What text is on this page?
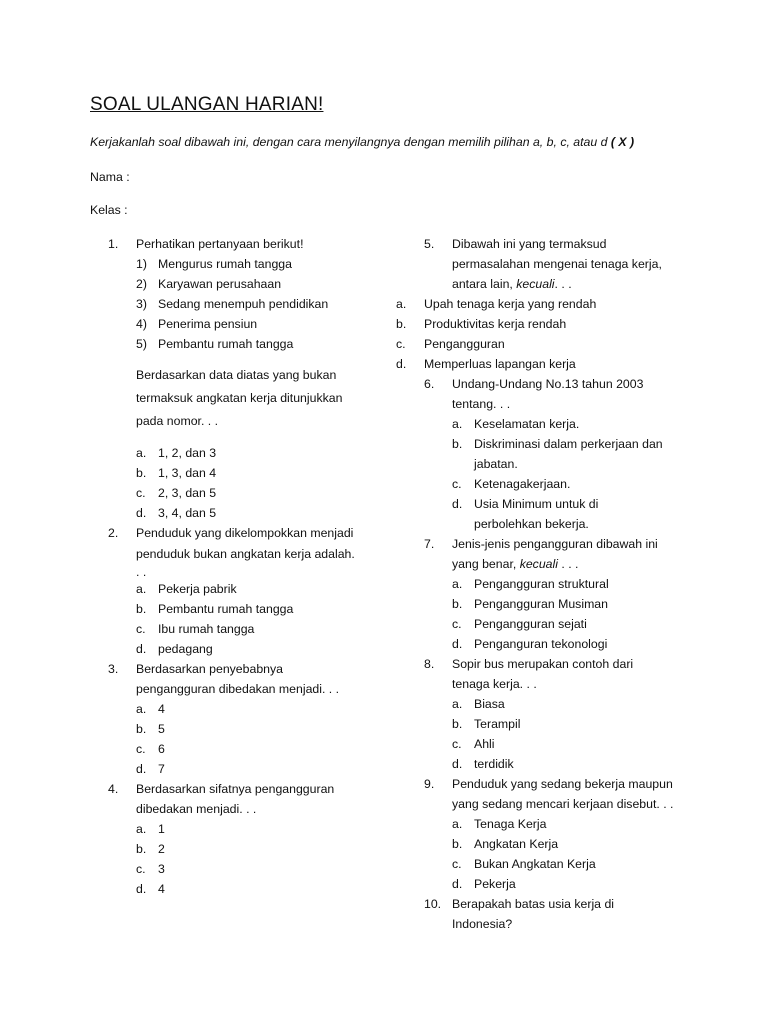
SOAL ULANGAN HARIAN!
Kerjakanlah soal dibawah ini, dengan cara menyilangnya dengan memilih pilihan a, b, c, atau d ( X )
Nama :
Kelas :
1. Perhatikan pertanyaan berikut!
1) Mengurus rumah tangga
2) Karyawan perusahaan
3) Sedang menempuh pendidikan
4) Penerima pensiun
5) Pembantu rumah tangga
Berdasarkan data diatas yang bukan
termaksuk angkatan kerja ditunjukkan
pada nomor. . .
a. 1, 2, dan 3
b. 1, 3, dan 4
c. 2, 3, dan 5
d. 3, 4, dan 5
2. Penduduk yang dikelompokkan menjadi
penduduk bukan angkatan kerja adalah.
. .
a. Pekerja pabrik
b. Pembantu rumah tangga
c. Ibu rumah tangga
d. pedagang
3. Berdasarkan penyebabnya
pengangguran dibedakan menjadi. . .
a. 4
b. 5
c. 6
d. 7
4. Berdasarkan sifatnya pengangguran
dibedakan menjadi. . .
a. 1
b. 2
c. 3
d. 4
5. Dibawah ini yang termaksud
permasalahan mengenai tenaga kerja,
antara lain, kecuali. . .
a. Upah tenaga kerja yang rendah
b. Produktivitas kerja rendah
c. Pengangguran
d. Memperluas lapangan kerja
6. Undang-Undang No.13 tahun 2003
tentang. . .
a. Keselamatan kerja.
b. Diskriminasi dalam perkerjaan dan
jabatan.
c. Ketenagakerjaan.
d. Usia Minimum untuk di
perbolehkan bekerja.
7. Jenis-jenis pengangguran dibawah ini
yang benar, kecuali . . .
a. Pengangguran struktural
b. Pengangguran Musiman
c. Pengangguran sejati
d. Penganguran tekonologi
8. Sopir bus merupakan contoh dari
tenaga kerja. . .
a. Biasa
b. Terampil
c. Ahli
d. terdidik
9. Penduduk yang sedang bekerja maupun
yang sedang mencari kerjaan disebut. . .
a. Tenaga Kerja
b. Angkatan Kerja
c. Bukan Angkatan Kerja
d. Pekerja
10. Berapakah batas usia kerja di
Indonesia?
